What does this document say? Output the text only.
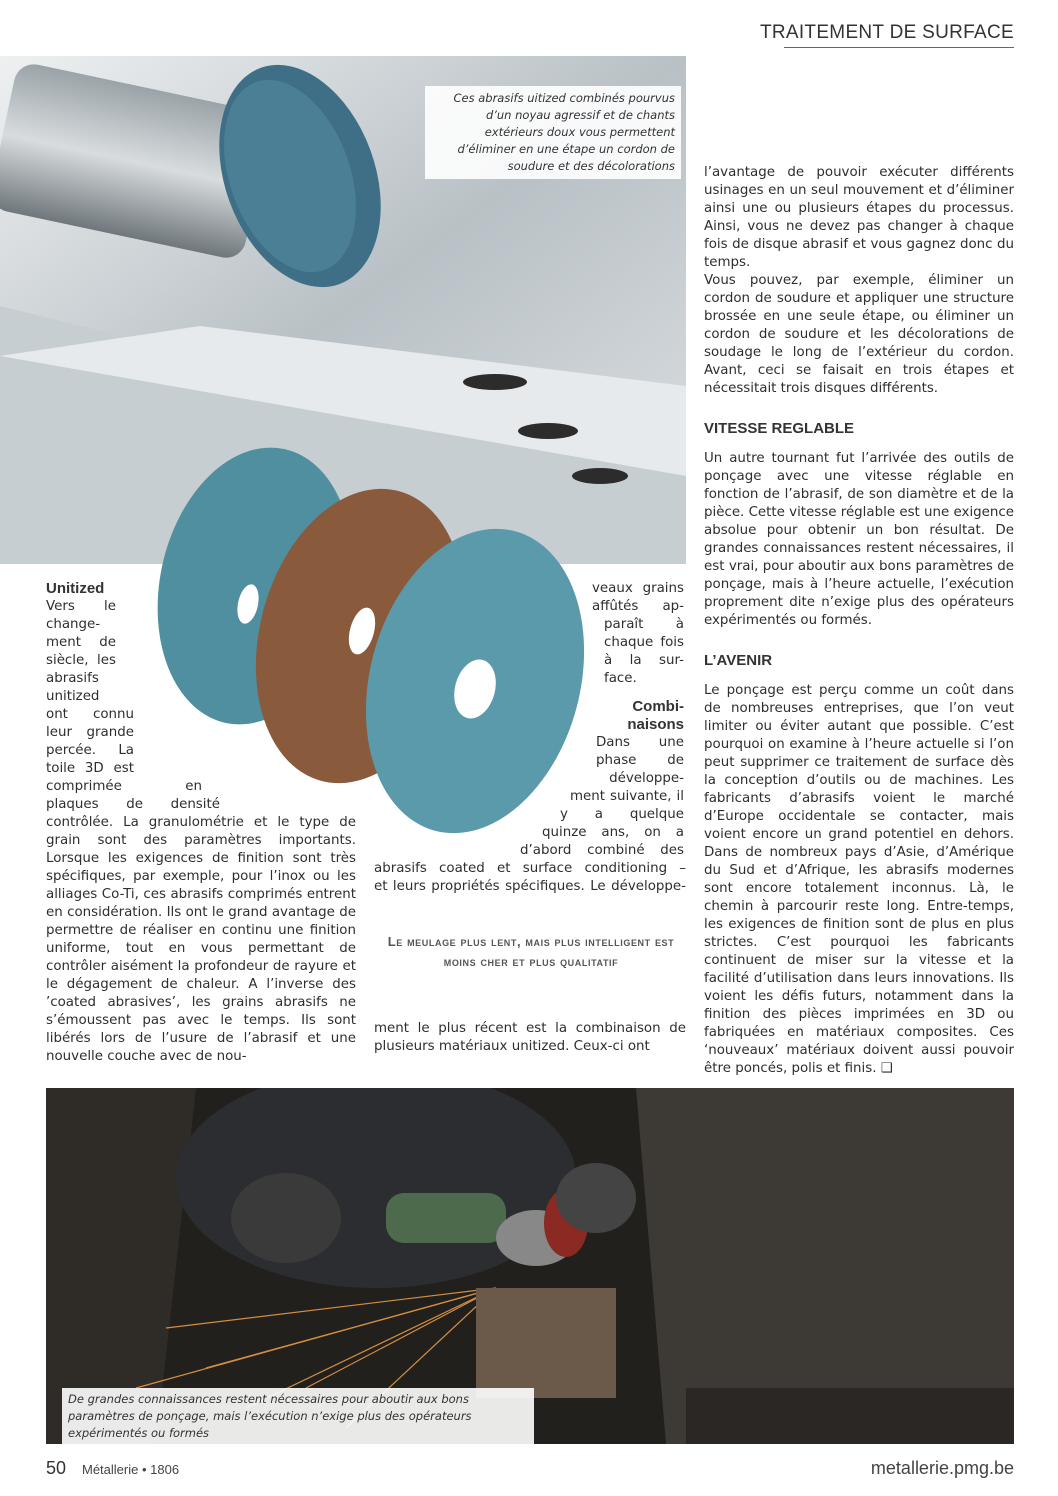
TRAITEMENT DE SURFACE
Ces abrasifs uitized combinés pourvus d’un noyau agressif et de chants extérieurs doux vous permettent d’éliminer en une étape un cordon de soudure et des décolorations	l’avantage de pouvoir exécuter différents usinages en un seul mouvement et d’éliminer ainsi une ou plusieurs étapes du processus. Ainsi, vous ne devez pas changer à chaque fois de disque abrasif et vous gagnez donc du temps.

Vous pouvez, par exemple, éliminer un cordon de soudure et appliquer une structure brossée en une seule étape, ou éliminer un cordon de soudure et les décolorations de soudage le long de l’extérieur du cordon. Avant, ceci se faisait en trois étapes et nécessitait trois disques différents.

VITESSE REGLABLE

Un autre tournant fut l’arrivée des outils de ponçage avec une vitesse réglable en fonction de l’abrasif, de son diamètre et de la pièce. Cette vitesse réglable est une exigence absolue pour obtenir un bon résultat. De grandes connaissances restent nécessaires, il est vrai, pour aboutir aux bons paramètres de ponçage, mais à l’heure actuelle, l’exécution proprement dite n’exige plus des opérateurs expérimentés ou formés.

L’AVENIR

Le ponçage est perçu comme un coût dans de nombreuses entreprises, que l’on veut limiter ou éviter autant que possible. C’est pourquoi on examine à l’heure actuelle si l’on peut supprimer ce traitement de surface dès la conception d’outils ou de machines. Les fabricants d’abrasifs voient le marché d’Europe occidentale se contacter, mais voient encore un grand potentiel en dehors. Dans de nombreux pays d’Asie, d’Amérique du Sud et d’Afrique, les abrasifs modernes sont encore totalement inconnus. Là, le chemin à parcourir reste long. Entre-temps, les exigences de finition sont de plus en plus strictes. C’est pourquoi les fabricants continuent de miser sur la vitesse et la facilité d’utilisation dans leurs innovations. Ils voient les défis futurs, notamment dans la finition des pièces imprimées en 3D ou fabriquées en matériaux composites. Ces ‘nouveaux’ matériaux doivent aussi pouvoir être poncés, polis et finis. ❑

Unitized
Vers le
change-
ment de
siècle, les
abrasifs
unitized
ont connu
leur grande
percée. La
toile 3D est
comprimée en
plaques de densité

contrôlée. La granulométrie et le type de grain sont des paramètres importants. Lorsque les exigences de finition sont très spécifiques, par exemple, pour l’inox ou les alliages Co-Ti, ces abrasifs comprimés entrent en considération. Ils ont le grand avantage de permettre de réaliser en continu une finition uniforme, tout en vous permettant de contrôler aisément la profondeur de rayure et le dégagement de chaleur. A l’inverse des ’coated abrasives’, les grains abrasifs ne s’émoussent pas avec le temps. Ils sont libérés lors de l’usure de l’abrasif et une nouvelle couche avec de nou-

veaux grains
affûtés ap-
paraît à
chaque fois
à la sur-
face.
Combi-naisons
Dans une
phase de
développe-
ment suivante, il
y a quelque
quinze ans, on a
d’abord combiné des
abrasifs coated et surface conditioning –
et leurs propriétés spécifiques. Le développe-

ment le plus récent est la combinaison de plusieurs matériaux unitized. Ceux-ci ont

Le meulage plus lent, mais plus intelligent est moins cher et plus qualitatif
De grandes connaissances restent nécessaires pour aboutir aux bons paramètres de ponçage, mais l’exécution n’exige plus des opérateurs expérimentés ou formés
50 Métallerie • 1806	metallerie.pmg.be
